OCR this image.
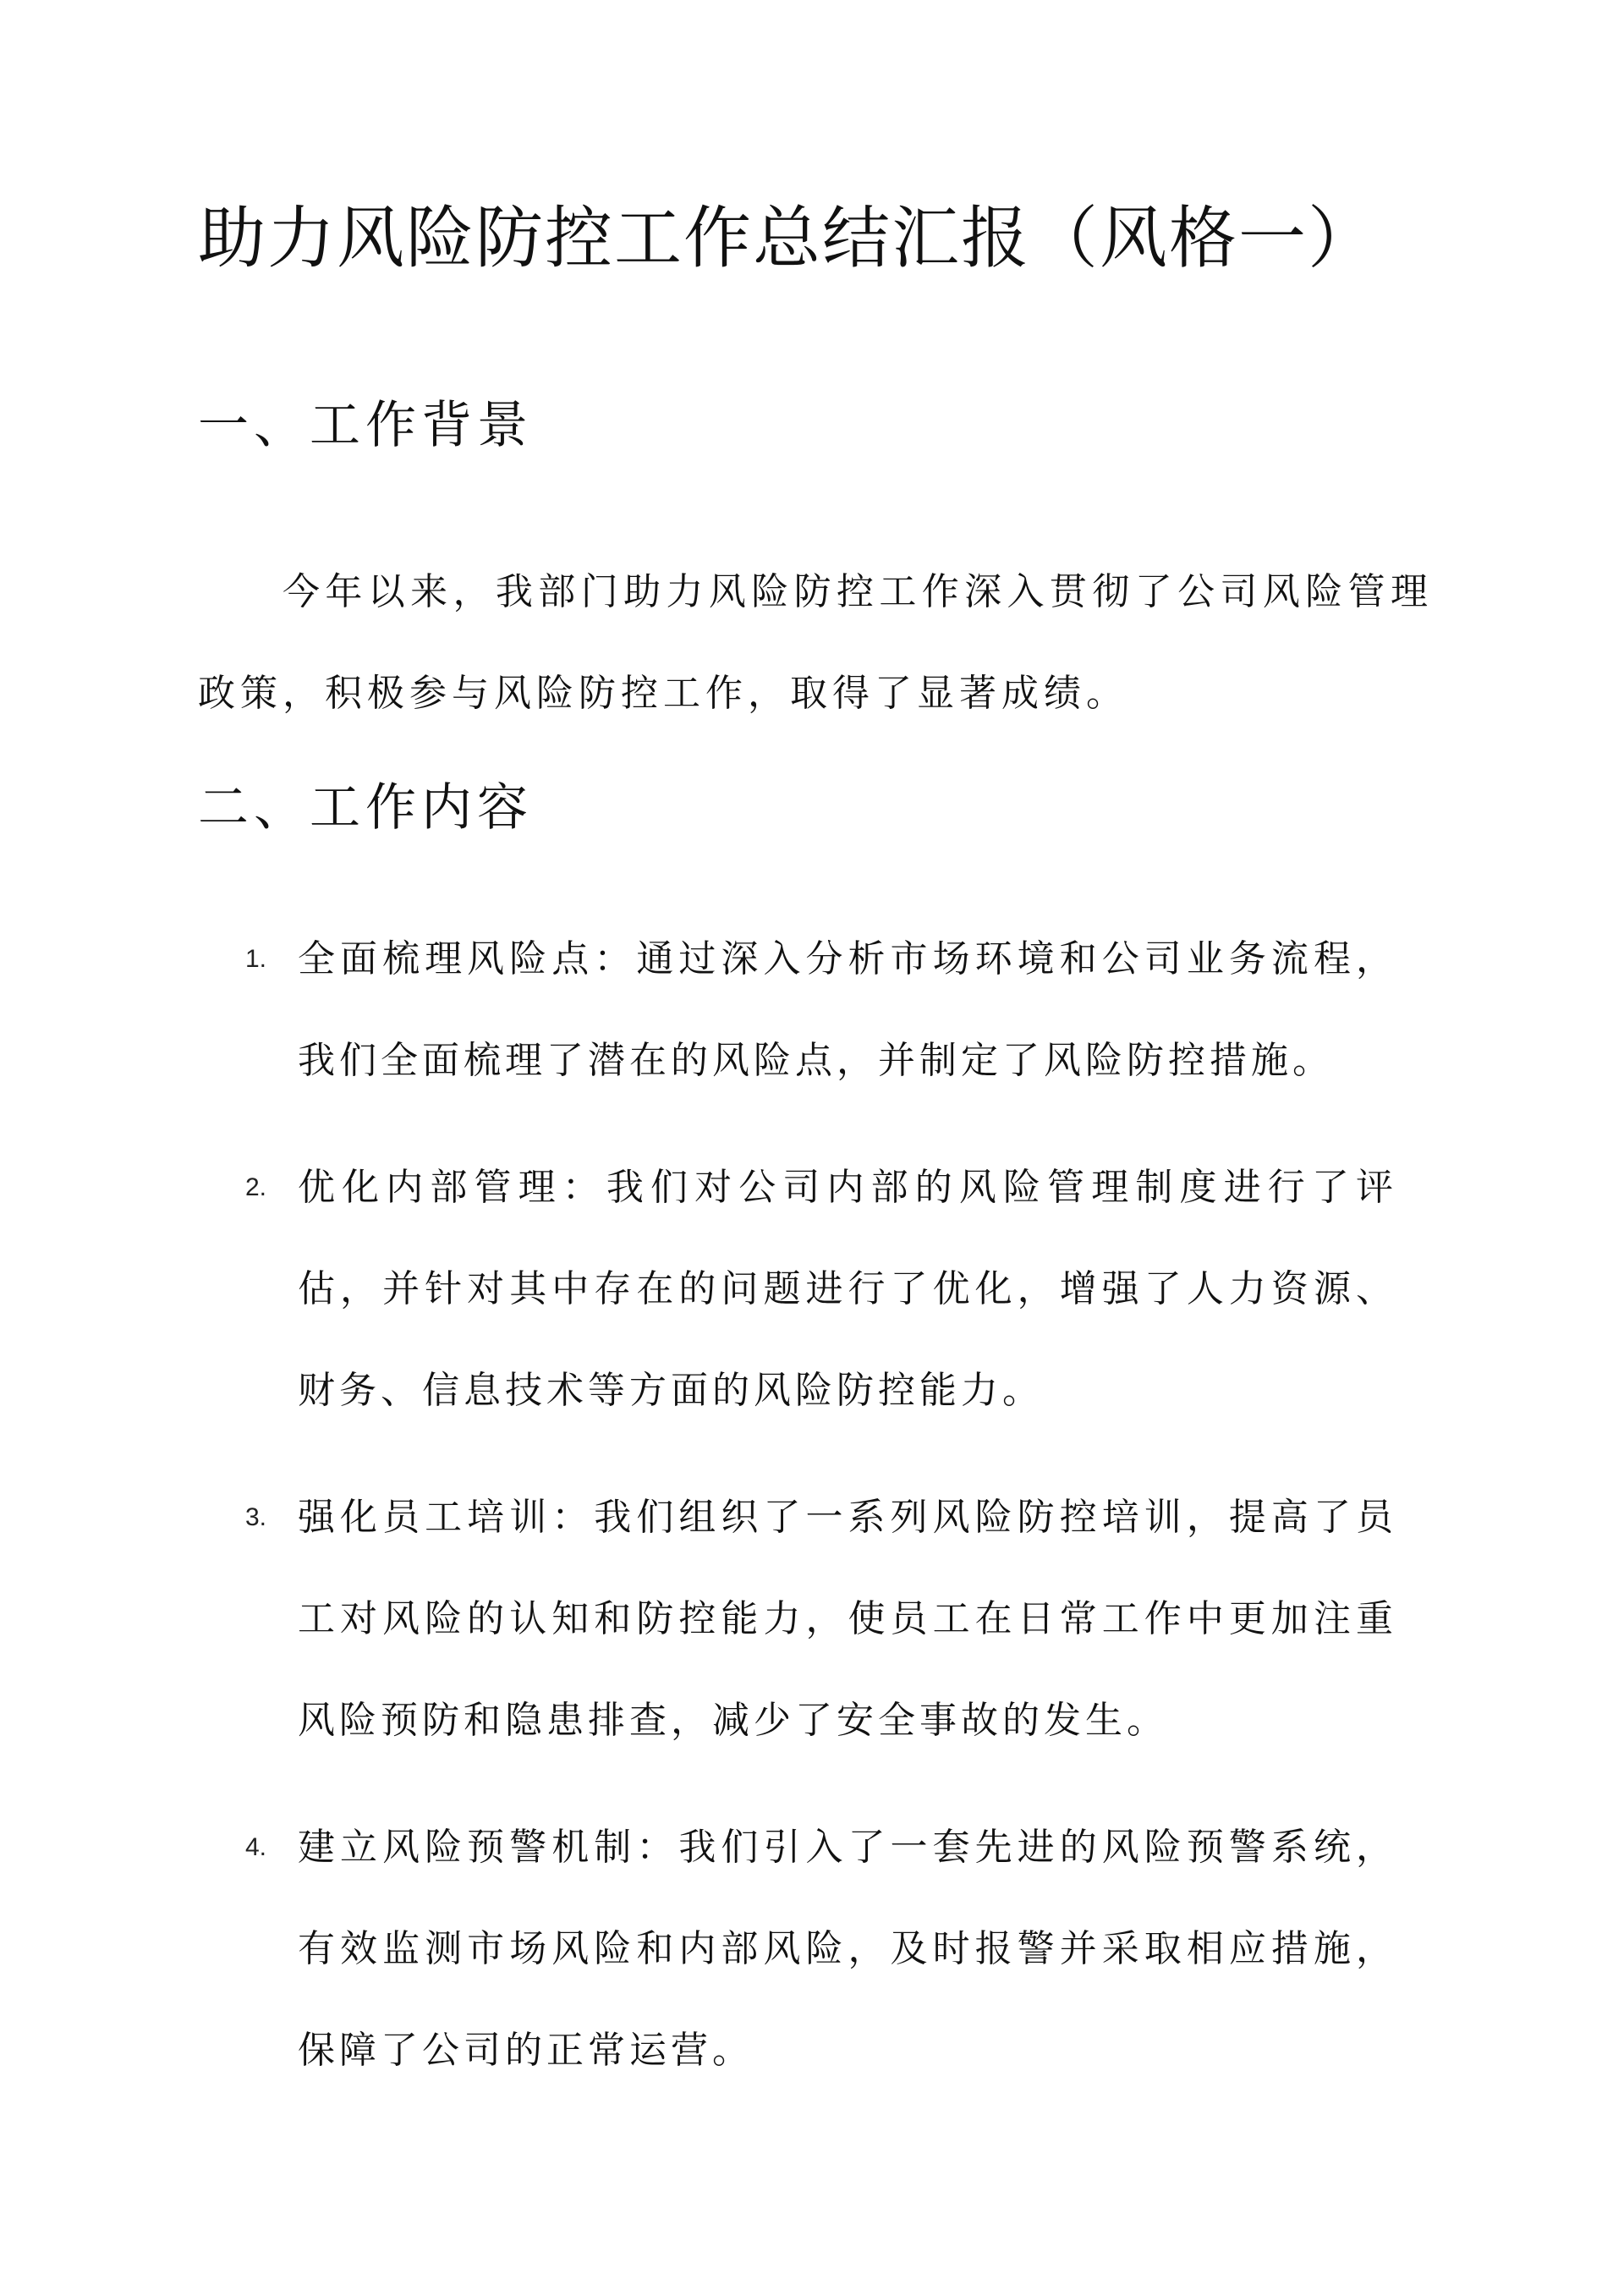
助力风险防控工作总结汇报（风格一）
一、工作背景

今年以来，我部门助力风险防控工作深入贯彻了公司风险管理政策，积极参与风险防控工作，取得了显著成绩。

二、工作内容
1. 全面梳理风险点：通过深入分析市场环境和公司业务流程，我们全面梳理了潜在的风险点，并制定了风险防控措施。
2. 优化内部管理：我们对公司内部的风险管理制度进行了评估，并针对其中存在的问题进行了优化，增强了人力资源、财务、信息技术等方面的风险防控能力。
3. 强化员工培训：我们组织了一系列风险防控培训，提高了员工对风险的认知和防控能力，使员工在日常工作中更加注重风险预防和隐患排查，减少了安全事故的发生。
4. 建立风险预警机制：我们引入了一套先进的风险预警系统，有效监测市场风险和内部风险，及时报警并采取相应措施，保障了公司的正常运营。
